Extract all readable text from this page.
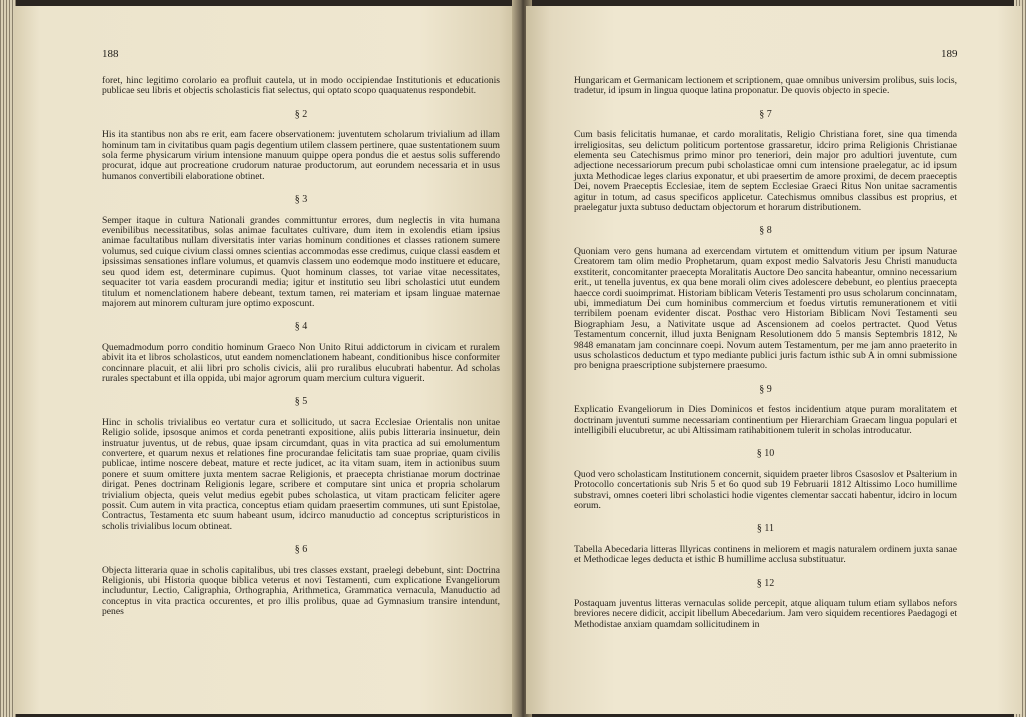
188

foret, hinc legitimo corolario ea profluit cautela, ut in modo occipiendae Institutionis et educationis publicae seu libris et objectis scholasticis fiat selectus, qui optato scopo quaquatenus respondebit.

§ 2

His ita stantibus non abs re erit, eam facere observationem: juventutem scholarum trivialium ad illam hominum tam in civitatibus quam pagis degentium utilem classem pertinere, quae sustentationem suum sola ferme physicarum virium intensione manuum quippe opera pondus die et aestus solis sufferendo procurat, idque aut procreatione crudorum naturae productorum, aut eorundem necessaria et in usus humanos convertibili elaboratione obtinet.

§ 3

Semper itaque in cultura Nationali grandes committuntur errores, dum neglectis in vita humana evenibilibus necessitatibus, solas animae facultates cultivare, dum item in exolendis etiam ipsius animae facultatibus nullam diversitatis inter varias hominum conditiones et classes rationem sumere volumus, sed cuique civium classi omnes scientias accommodas esse credimus, cuique classi easdem et ipsissimas sensationes inflare volumus, et quamvis classem uno eodemque modo instituere et educare, seu quod idem est, determinare cupimus. Quot hominum classes, tot variae vitae necessitates, sequaciter tot varia easdem procurandi media; igitur et institutio seu libri scholastici utut eundem titulum et nomenclationem habere debeant, textum tamen, rei materiam et ipsam linguae maternae majorem aut minorem culturam jure optimo exposcunt.

§ 4

Quemadmodum porro conditio hominum Graeco Non Unito Ritui addictorum in civicam et ruralem abivit ita et libros scholasticos, utut eandem nomenclationem habeant, conditionibus hisce conformiter concinnare placuit, et alii libri pro scholis civicis, alii pro ruralibus elucubrati habentur. Ad scholas rurales spectabunt et illa oppida, ubi major agrorum quam mercium cultura viguerit.

§ 5

Hinc in scholis trivialibus eo vertatur cura et sollicitudo, ut sacra Ecclesiae Orientalis non unitae Religio solide, ipsosque animos et corda penetranti expositione, aliis pubis litteraria insinuetur, dein instruatur juventus, ut de rebus, quae ipsam circumdant, quas in vita practica ad sui emolumentum convertere, et quarum nexus et relationes fine procurandae felicitatis tam suae propriae, quam civilis publicae, intime noscere debeat, mature et recte judicet, ac ita vitam suam, item in actionibus suum ponere et suum omittere juxta mentem sacrae Religionis, et praecepta christianae morum doctrinae dirigat. Penes doctrinam Religionis legare, scribere et computare sint unica et propria scholarum trivialium objecta, queis velut medius egebit pubes scholastica, ut vitam practicam feliciter agere possit. Cum autem in vita practica, conceptus etiam quidam praesertim communes, uti sunt Epistolae, Contractus, Testamenta etc suum habeant usum, idcirco manuductio ad conceptus scripturisticos in scholis trivialibus locum obtineat.

§ 6

Objecta litteraria quae in scholis capitalibus, ubi tres classes exstant, praelegi debebunt, sint: Doctrina Religionis, ubi Historia quoque biblica veterus et novi Testamenti, cum explicatione Evangeliorum includuntur, Lectio, Caligraphia, Orthographia, Arithmetica, Grammatica vernacula, Manuductio ad conceptus in vita practica occurentes, et pro illis prolibus, quae ad Gymnasium transire intendunt, penes

189

Hungaricam et Germanicam lectionem et scriptionem, quae omnibus universim prolibus, suis locis, tradetur, id ipsum in lingua quoque latina proponatur. De quovis objecto in specie.

§ 7

Cum basis felicitatis humanae, et cardo moralitatis, Religio Christiana foret, sine qua timenda irreligiositas, seu delictum politicum portentose grassaretur, idciro prima Religionis Christianae elementa seu Catechismus primo minor pro teneriori, dein major pro adultiori juventute, cum adjectione necessariorum precum pubi scholasticae omni cum intensione praelegatur, ac id ipsum juxta Methodicae leges clarius exponatur, et ubi praesertim de amore proximi, de decem praeceptis Dei, novem Praeceptis Ecclesiae, item de septem Ecclesiae Graeci Ritus Non unitae sacramentis agitur in totum, ad casus specificos applicetur. Catechismus omnibus classibus est proprius, et praelegatur juxta subtuso deductam objectorum et horarum distributionem.

§ 8

Quoniam vero gens humana ad exercendam virtutem et omittendum vitium per ipsum Naturae Creatorem tam olim medio Prophetarum, quam expost medio Salvatoris Jesu Christi manuducta exstiterit, concomitanter praecepta Moralitatis Auctore Deo sancita habeantur, omnino necessarium erit., ut tenella juventus, ex qua bene morali olim cives adolescere debebunt, eo plentius praecepta haecce cordi suoimprimat. Historiam biblicam Veteris Testamenti pro usus scholarum concinnatam, ubi, immediatum Dei cum hominibus commercium et foedus virtutis remunerationem et vitii terribilem poenam evidenter discat. Posthac vero Historiam Biblicam Novi Testamenti seu Biographiam Jesu, a Nativitate usque ad Ascensionem ad coelos pertractet. Quod Vetus Testamentum concernit, illud juxta Benignam Resolutionem ddo 5 mansis Septembris 1812, № 9848 emanatam jam concinnare coepi. Novum autem Testamentum, per me jam anno praeterito in usus scholasticos deductum et typo mediante publici juris factum isthic sub A in omni submissione pro benigna praescriptione subjsternere praesumo.

§ 9

Explicatio Evangeliorum in Dies Dominicos et festos incidentium atque puram moralitatem et doctrinam juventuti summe necessariam continentium per Hierarchiam Graecam lingua populari et intelligibili elucubretur, ac ubi Altissimam ratihabitionem tulerit in scholas introducatur.

§ 10

Quod vero scholasticam Institutionem concernit, siquidem praeter libros Csasoslov et Psalterium in Protocollo concertationis sub Nris 5 et 6o quod sub 19 Februarii 1812 Altissimo Loco humillime substravi, omnes coeteri libri scholastici hodie vigentes clementar saccati habentur, idciro in locum eorum.

§ 11

Tabella Abecedaria litteras Illyricas continens in meliorem et magis naturalem ordinem juxta sanae et Methodicae leges deducta et isthic B humillime acclusa substituatur.

§ 12

Postaquam juventus litteras vernaculas solide percepit, atque aliquam tulum etiam syllabos nefors breviores necere didicit, accipit libellum Abecedarium. Jam vero siquidem recentiores Paedagogi et Methodistae anxiam quamdam sollicitudinem in
